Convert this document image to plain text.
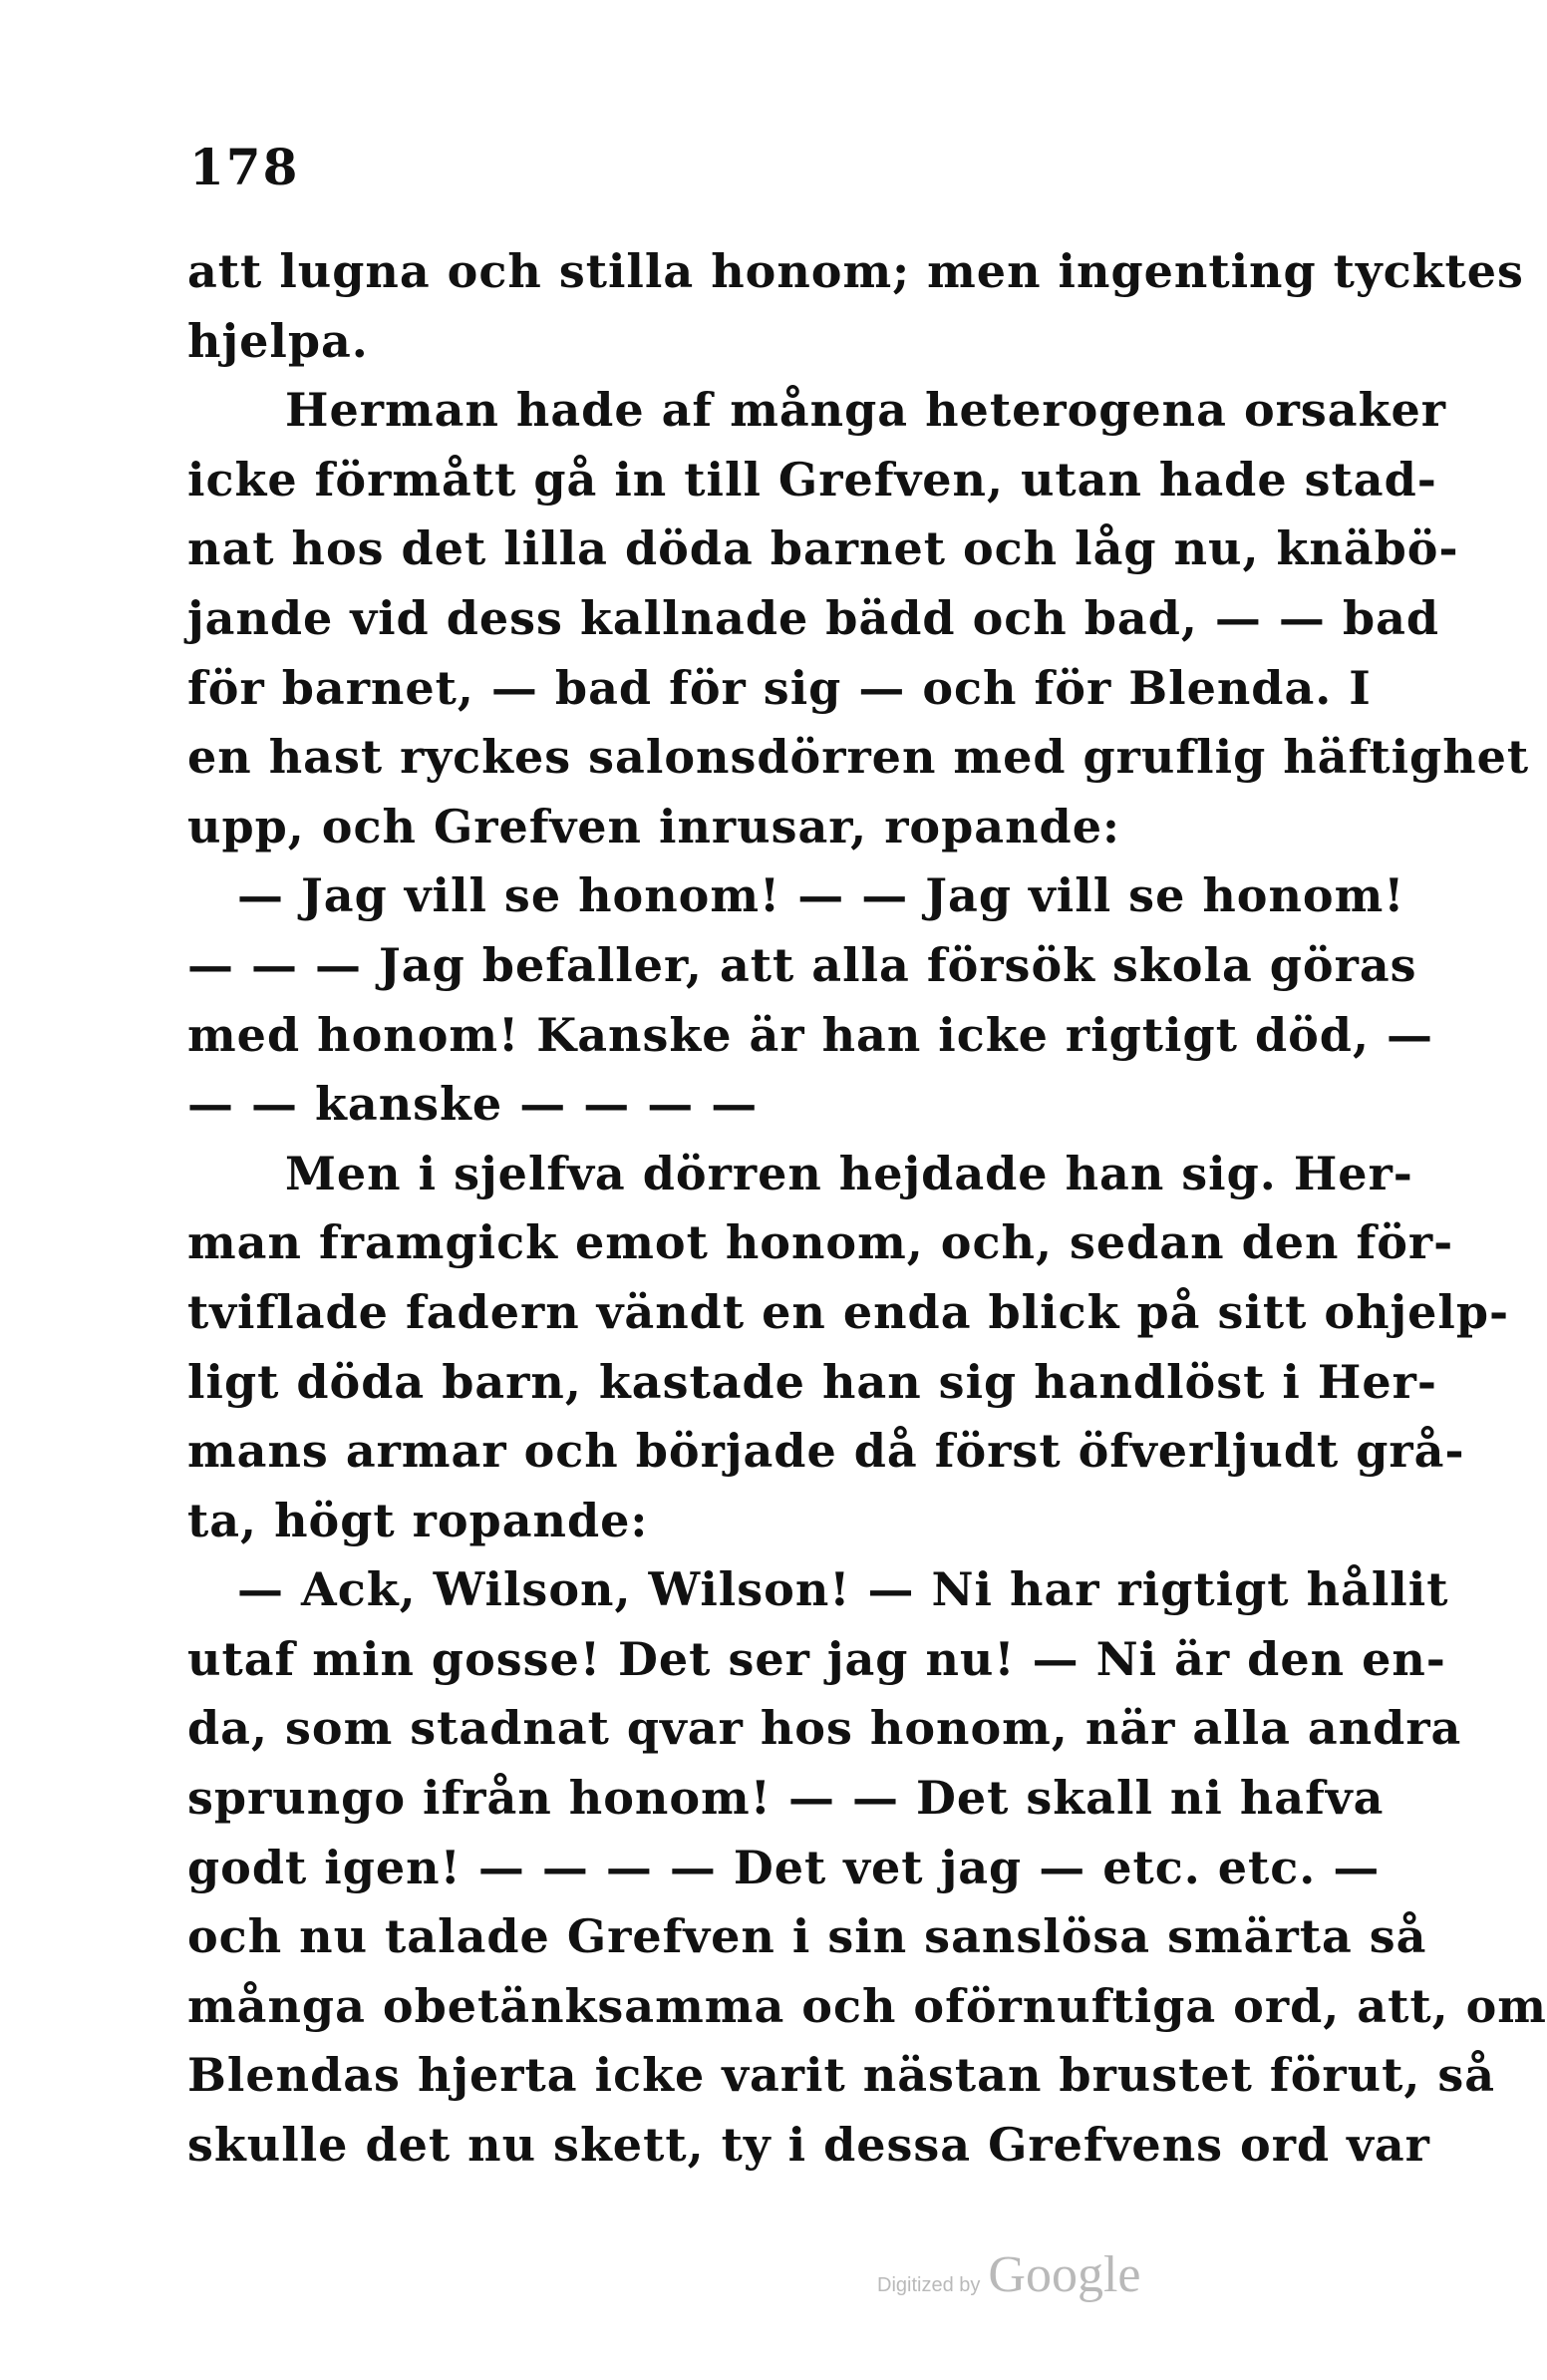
178
att lugna och stilla honom; men ingenting tycktes
hjelpa.
Herman hade af många heterogena orsaker
icke förmått gå in till Grefven, utan hade stad-
nat hos det lilla döda barnet och låg nu, knäbö-
jande vid dess kallnade bädd och bad, — — bad
för barnet, — bad för sig — och för Blenda. I
en hast ryckes salonsdörren med gruflig häftighet
upp, och Grefven inrusar, ropande:
— Jag vill se honom! — — Jag vill se honom!
— — — Jag befaller, att alla försök skola göras
med honom! Kanske är han icke rigtigt död, —
— — kanske — — — —
Men i sjelfva dörren hejdade han sig. Her-
man framgick emot honom, och, sedan den för-
tviflade fadern vändt en enda blick på sitt ohjelp-
ligt döda barn, kastade han sig handlöst i Her-
mans armar och började då först öfverljudt grå-
ta, högt ropande:
— Ack, Wilson, Wilson! — Ni har rigtigt hållit
utaf min gosse! Det ser jag nu! — Ni är den en-
da, som stadnat qvar hos honom, när alla andra
sprungo ifrån honom! — — Det skall ni hafva
godt igen! — — — — Det vet jag — etc. etc. —
och nu talade Grefven i sin sanslösa smärta så
många obetänksamma och oförnuftiga ord, att, om
Blendas hjerta icke varit nästan brustet förut, så
skulle det nu skett, ty i dessa Grefvens ord var
Digitized by Google
